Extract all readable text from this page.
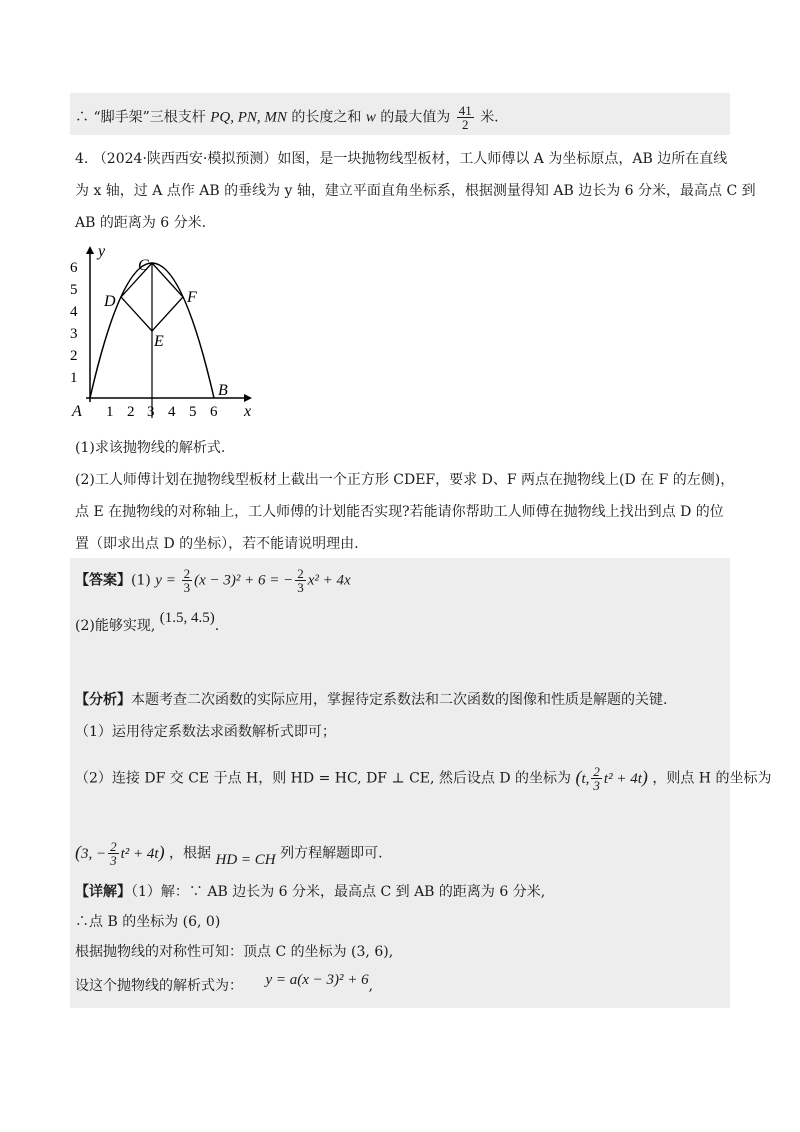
∴ “脚手架”三根支杆 PQ, PN, MN 的长度之和 w 的最大值为 $\frac{41}{2}$ 米.
4. （2024·陕西西安·模拟预测）如图，是一块抛物线型板材，工人师傅以 A 为坐标原点，AB 边所在直线
为 x 轴，过 A 点作 AB 的垂线为 y 轴，建立平面直角坐标系，根据测量得知 AB 边长为 6 分米，最高点 C 到
AB 的距离为 6 分米.
1 2 3 4 5 6
1
2
3
4
5
6
y
x
A
B
C
D
E
F
(1)求该抛物线的解析式.
(2)工人师傅计划在抛物线型板材上截出一个正方形 CDEF，要求 D、F 两点在抛物线上(D 在 F 的左侧)，
点 E 在抛物线的对称轴上，工人师傅的计划能否实现?若能请你帮助工人师傅在抛物线上找出到点 D 的位
置（即求出点 D 的坐标），若不能请说明理由.
【答案】(1) $y = \frac{2}{3} (x - 3)^2 + 6$ = − $\frac{2}{3} x^2 + 4x$
(2)能够实现, (1.5, 4.5).
【分析】本题考查二次函数的实际应用，掌握待定系数法和二次函数的图像和性质是解题的关键.
（1）运用待定系数法求函数解析式即可；
（2）连接 DF 交 CE 于点 H，则 HD = HC, DF ⊥ CE, 然后设点 D 的坐标为 (t, $\frac{2}{3} t^2 + 4t$) ，则点 H 的坐标为
(3, − $\frac{2}{3} t^2 + 4t$) ，根据 HD = CH 列方程解题即可.
【详解】（1）解：∵ AB 边长为 6 分米，最高点 C 到 AB 的距离为 6 分米,
∴点 B 的坐标为 (6, 0)
根据抛物线的对称性可知：顶点 C 的坐标为 (3, 6),
设这个抛物线的解析式为： y = a(x − 3)² + 6,
